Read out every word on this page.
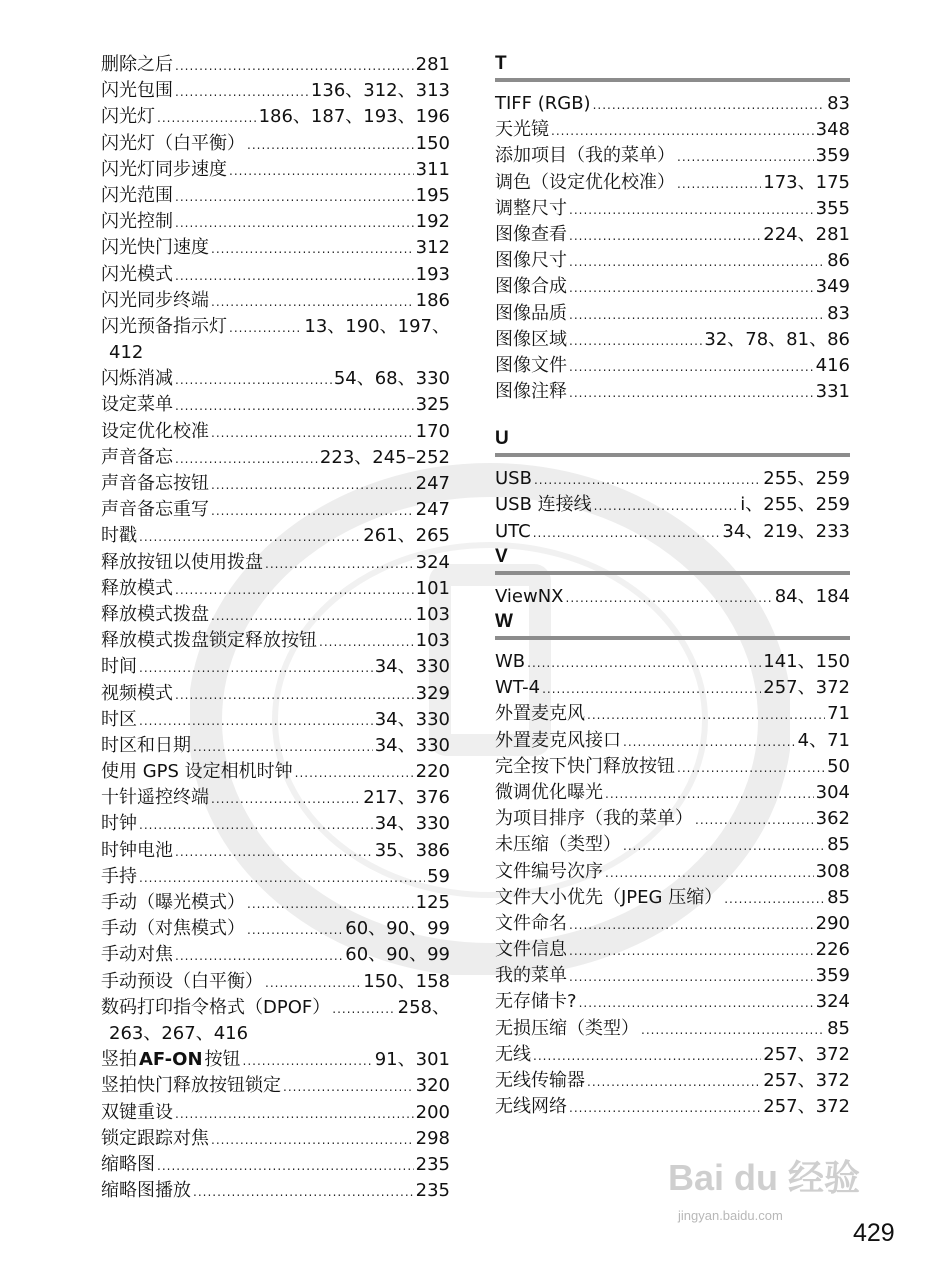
删除之后 .....	281
闪光包围 .....	136、312、313
闪光灯 .....	186、187、193、196
闪光灯（白平衡） .....	150
闪光灯同步速度 .....	311
闪光范围 .....	195
闪光控制 .....	192
闪光快门速度 .....	312
闪光模式 .....	193
闪光同步终端 .....	186
闪光预备指示灯 .....	13、190、197、
412
闪烁消减 .....	54、68、330
设定菜单 .....	325
设定优化校准 .....	170
声音备忘 .....	223、245–252
声音备忘按钮 .....	247
声音备忘重写 .....	247
时戳 .....	261、265
释放按钮以使用拨盘 .....	324
释放模式 .....	101
释放模式拨盘 .....	103
释放模式拨盘锁定释放按钮 .....	103
时间 .....	34、330
视频模式 .....	329
时区 .....	34、330
时区和日期 .....	34、330
使用 GPS 设定相机时钟 .....	220
十针遥控终端 .....	217、376
时钟 .....	34、330
时钟电池 .....	35、386
手持 .....	59
手动（曝光模式） .....	125
手动（对焦模式） .....	60、90、99
手动对焦 .....	60、90、99
手动预设（白平衡） .....	150、158
数码打印指令格式（DPOF） .....	258、
263、267、416
竖拍 AF-ON 按钮 .....	91、301
竖拍快门释放按钮锁定 .....	320
双键重设 .....	200
锁定跟踪对焦 .....	298
缩略图 .....	235
缩略图播放 .....	235
T
TIFF (RGB) .....	83
天光镜 .....	348
添加项目（我的菜单） .....	359
调色（设定优化校准） .....	173、175
调整尺寸 .....	355
图像查看 .....	224、281
图像尺寸 .....	86
图像合成 .....	349
图像品质 .....	83
图像区域 .....	32、78、81、86
图像文件 .....	416
图像注释 .....	331
U
USB .....	255、259
USB 连接线 .....	i、255、259
UTC .....	34、219、233
V
ViewNX .....	84、184
W
WB .....	141、150
WT-4 .....	257、372
外置麦克风 .....	71
外置麦克风接口 .....	4、71
完全按下快门释放按钮 .....	50
微调优化曝光 .....	304
为项目排序（我的菜单） .....	362
未压缩（类型） .....	85
文件编号次序 .....	308
文件大小优先（JPEG 压缩） .....	85
文件命名 .....	290
文件信息 .....	226
我的菜单 .....	359
无存储卡? .....	324
无损压缩（类型） .....	85
无线 .....	257、372
无线传输器 .....	257、372
无线网络 .....	257、372
Bai du 经验
jingyan.baidu.com
429
